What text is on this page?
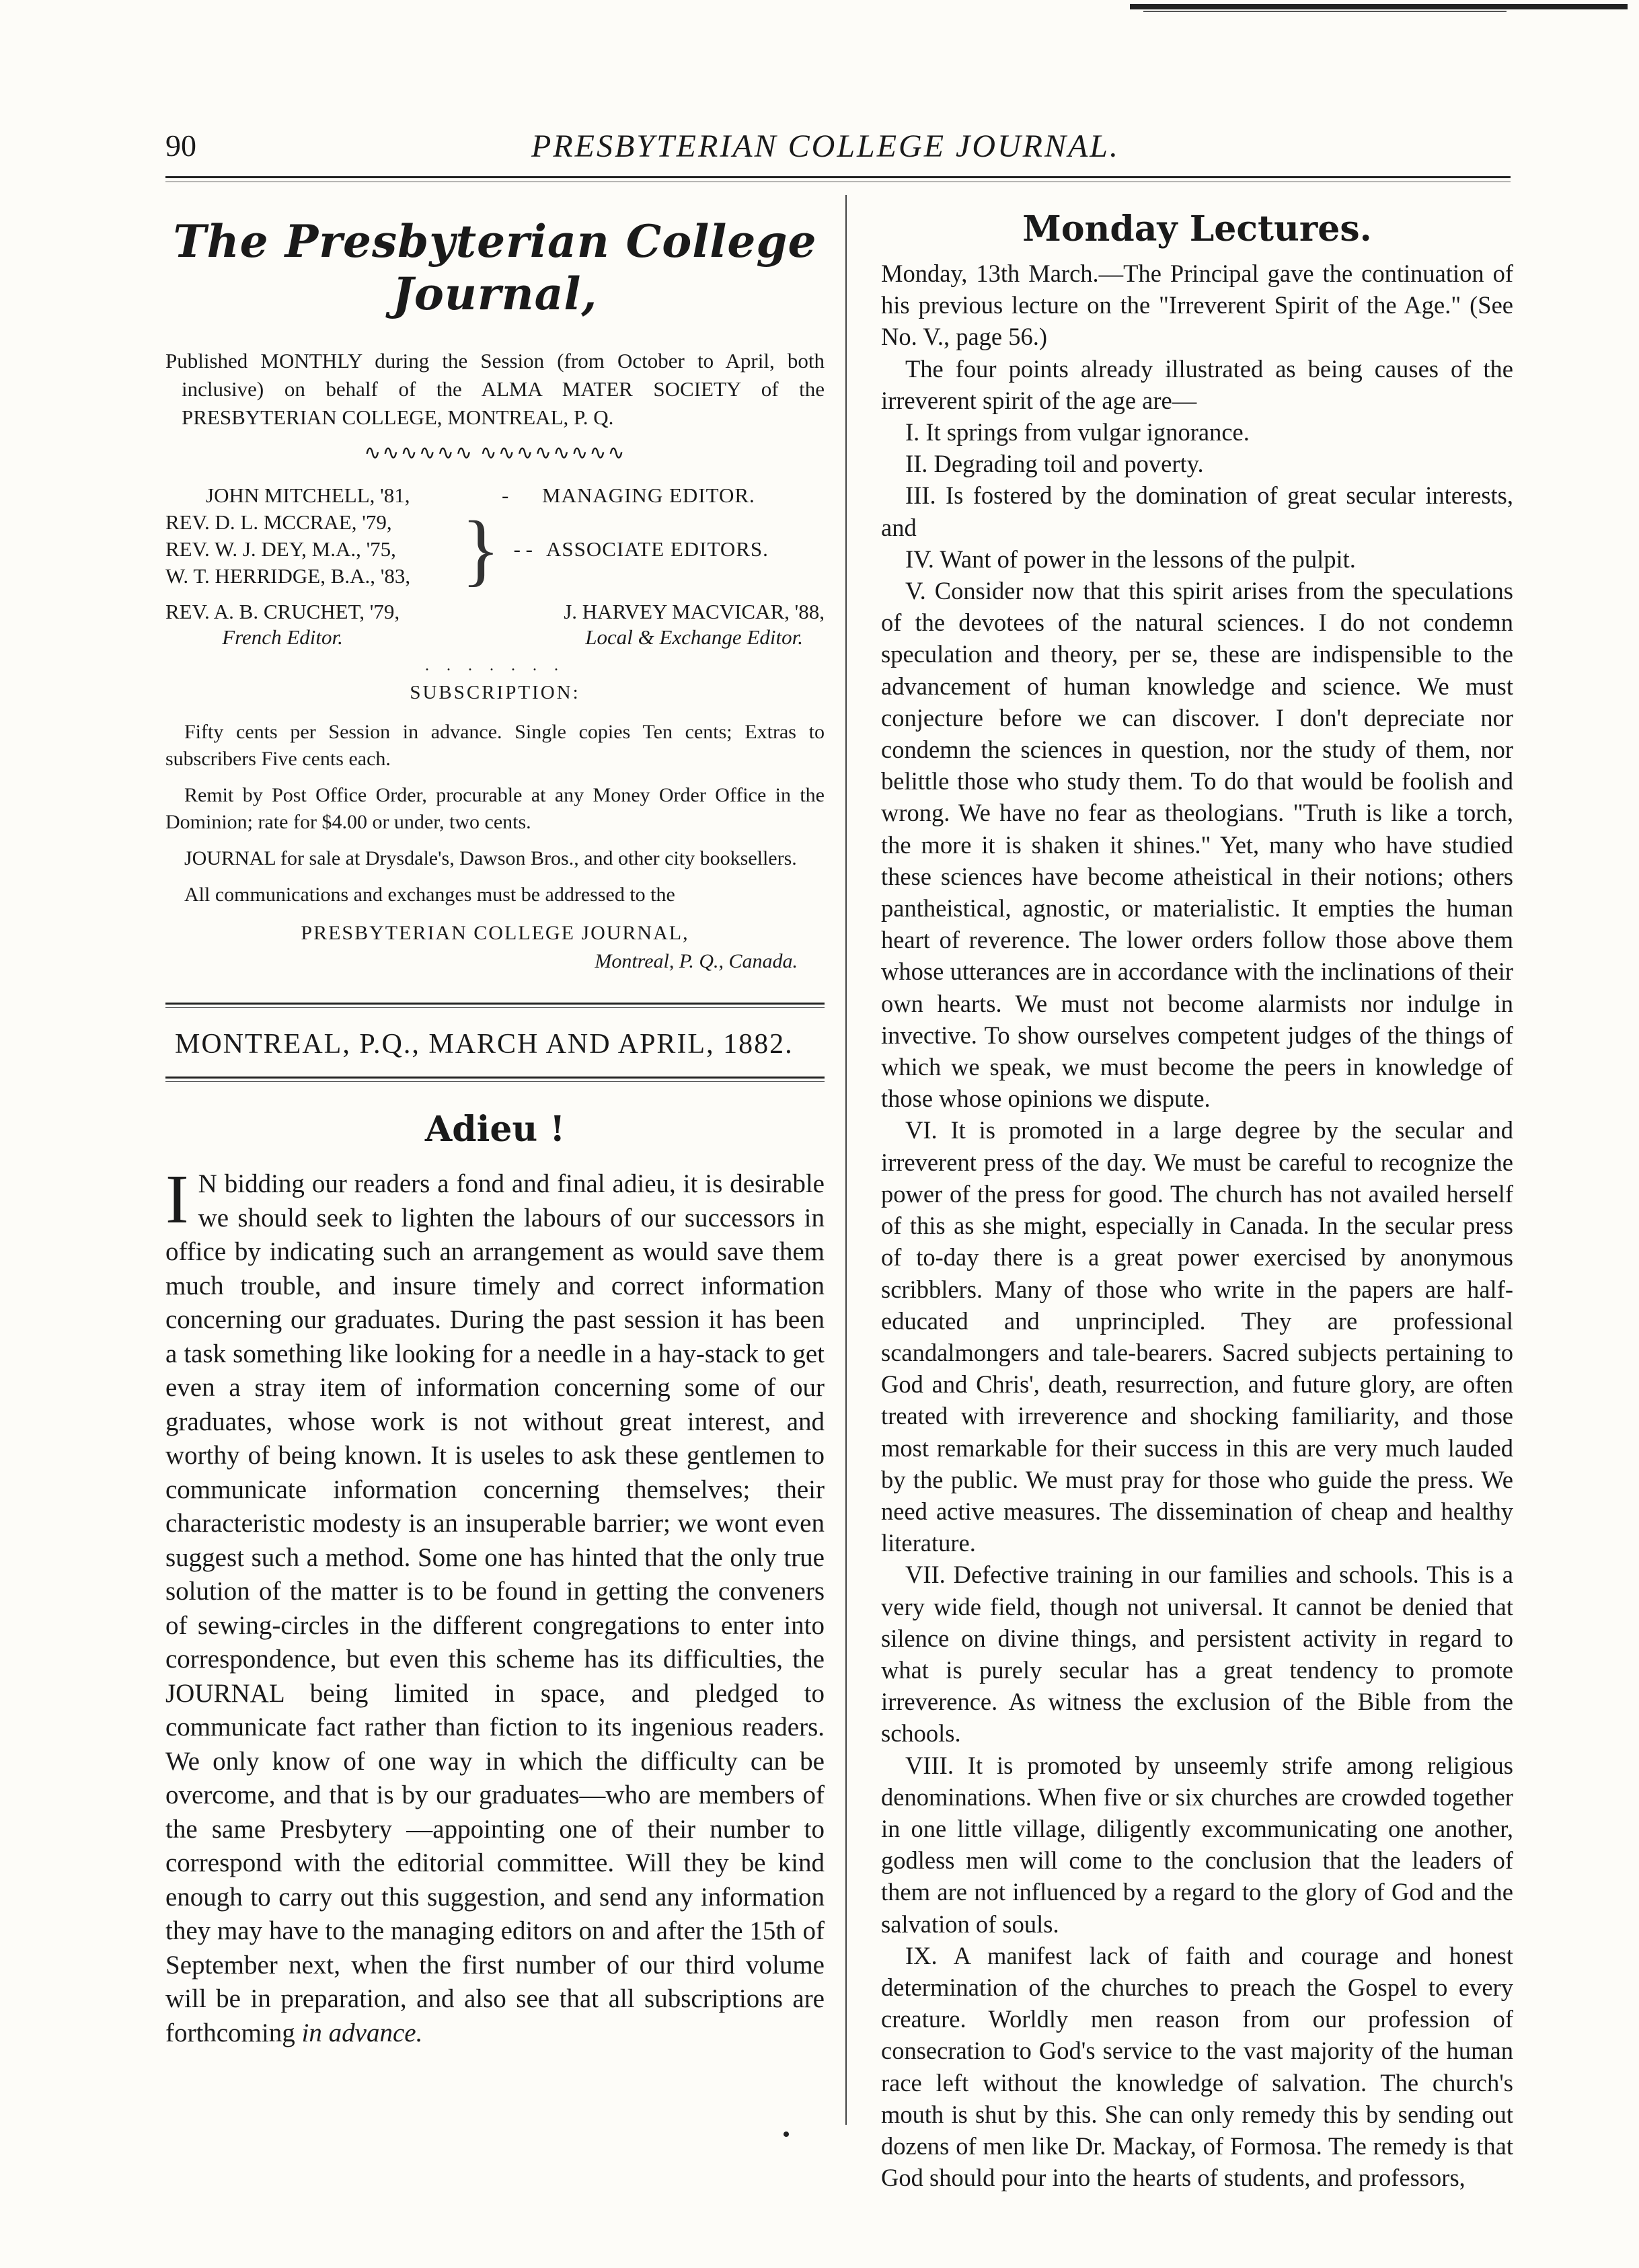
90	PRESBYTERIAN COLLEGE JOURNAL.
The Presbyterian College Journal,
Published MONTHLY during the Session (from October to April, both inclusive) on behalf of the ALMA MATER SOCIETY of the PRESBYTERIAN COLLEGE, MONTREAL, P. Q.
∿∿∿∿∿∿ ∿∿∿∿∿∿∿∿
JOHN MITCHELL, '81,	-	MANAGING EDITOR.
REV. D. L. MCCRAE, '79,
REV. W. J. DEY, M.A., '75,
W. T. HERRIDGE, B.A., '83, } - - ASSOCIATE EDITORS.
REV. A. B. CRUCHET, '79,
French Editor.
J. HARVEY MACVICAR, '88,
Local & Exchange Editor.
. . . . . . .
SUBSCRIPTION:

Fifty cents per Session in advance. Single copies Ten cents; Extras to subscribers Five cents each.

Remit by Post Office Order, procurable at any Money Order Office in the Dominion; rate for $4.00 or under, two cents.

JOURNAL for sale at Drysdale's, Dawson Bros., and other city booksellers.

All communications and exchanges must be addressed to the

PRESBYTERIAN COLLEGE JOURNAL,
Montreal, P. Q., Canada.
MONTREAL, P.Q., MARCH AND APRIL, 1882.
Adieu !
I N bidding our readers a fond and final adieu, it is desirable we should seek to lighten the labours of our successors in office by indicating such an arrangement as would save them much trouble, and insure timely and correct information concerning our graduates. During the past session it has been a task something like looking for a needle in a hay-stack to get even a stray item of information concerning some of our graduates, whose work is not without great interest, and worthy of being known. It is useles to ask these gentlemen to communicate information concerning themselves; their characteristic modesty is an insuperable barrier; we wont even suggest such a method. Some one has hinted that the only true solution of the matter is to be found in getting the conveners of sewing-circles in the different congregations to enter into correspondence, but even this scheme has its difficulties, the JOURNAL being limited in space, and pledged to communicate fact rather than fiction to its ingenious readers. We only know of one way in which the difficulty can be overcome, and that is by our graduates—who are members of the same Presbytery —appointing one of their number to correspond with the editorial committee. Will they be kind enough to carry out this suggestion, and send any information they may have to the managing editors on and after the 15th of September next, when the first number of our third volume will be in preparation, and also see that all subscriptions are forthcoming in advance.
Monday Lectures.

Monday, 13th March.—The Principal gave the continuation of his previous lecture on the "Irreverent Spirit of the Age." (See No. V., page 56.)

The four points already illustrated as being causes of the irreverent spirit of the age are—

I. It springs from vulgar ignorance.

II. Degrading toil and poverty.

III. Is fostered by the domination of great secular interests, and

IV. Want of power in the lessons of the pulpit.

V. Consider now that this spirit arises from the speculations of the devotees of the natural sciences. I do not condemn speculation and theory, per se, these are indispensible to the advancement of human knowledge and science. We must conjecture before we can discover. I don't depreciate nor condemn the sciences in question, nor the study of them, nor belittle those who study them. To do that would be foolish and wrong. We have no fear as theologians. "Truth is like a torch, the more it is shaken it shines." Yet, many who have studied these sciences have become atheistical in their notions; others pantheistical, agnostic, or materialistic. It empties the human heart of reverence. The lower orders follow those above them whose utterances are in accordance with the inclinations of their own hearts. We must not become alarmists nor indulge in invective. To show ourselves competent judges of the things of which we speak, we must become the peers in knowledge of those whose opinions we dispute.

VI. It is promoted in a large degree by the secular and irreverent press of the day. We must be careful to recognize the power of the press for good. The church has not availed herself of this as she might, especially in Canada. In the secular press of to-day there is a great power exercised by anonymous scribblers. Many of those who write in the papers are half-educated and unprincipled. They are professional scandalmongers and tale-bearers. Sacred subjects pertaining to God and Chris', death, resurrection, and future glory, are often treated with irreverence and shocking familiarity, and those most remarkable for their success in this are very much lauded by the public. We must pray for those who guide the press. We need active measures. The dissemination of cheap and healthy literature.

VII. Defective training in our families and schools. This is a very wide field, though not universal. It cannot be denied that silence on divine things, and persistent activity in regard to what is purely secular has a great tendency to promote irreverence. As witness the exclusion of the Bible from the schools.

VIII. It is promoted by unseemly strife among religious denominations. When five or six churches are crowded together in one little village, diligently excommunicating one another, godless men will come to the conclusion that the leaders of them are not influenced by a regard to the glory of God and the salvation of souls.

IX. A manifest lack of faith and courage and honest determination of the churches to preach the Gospel to every creature. Worldly men reason from our profession of consecration to God's service to the vast majority of the human race left without the knowledge of salvation. The church's mouth is shut by this. She can only remedy this by sending out dozens of men like Dr. Mackay, of Formosa. The remedy is that God should pour into the hearts of students, and professors,
